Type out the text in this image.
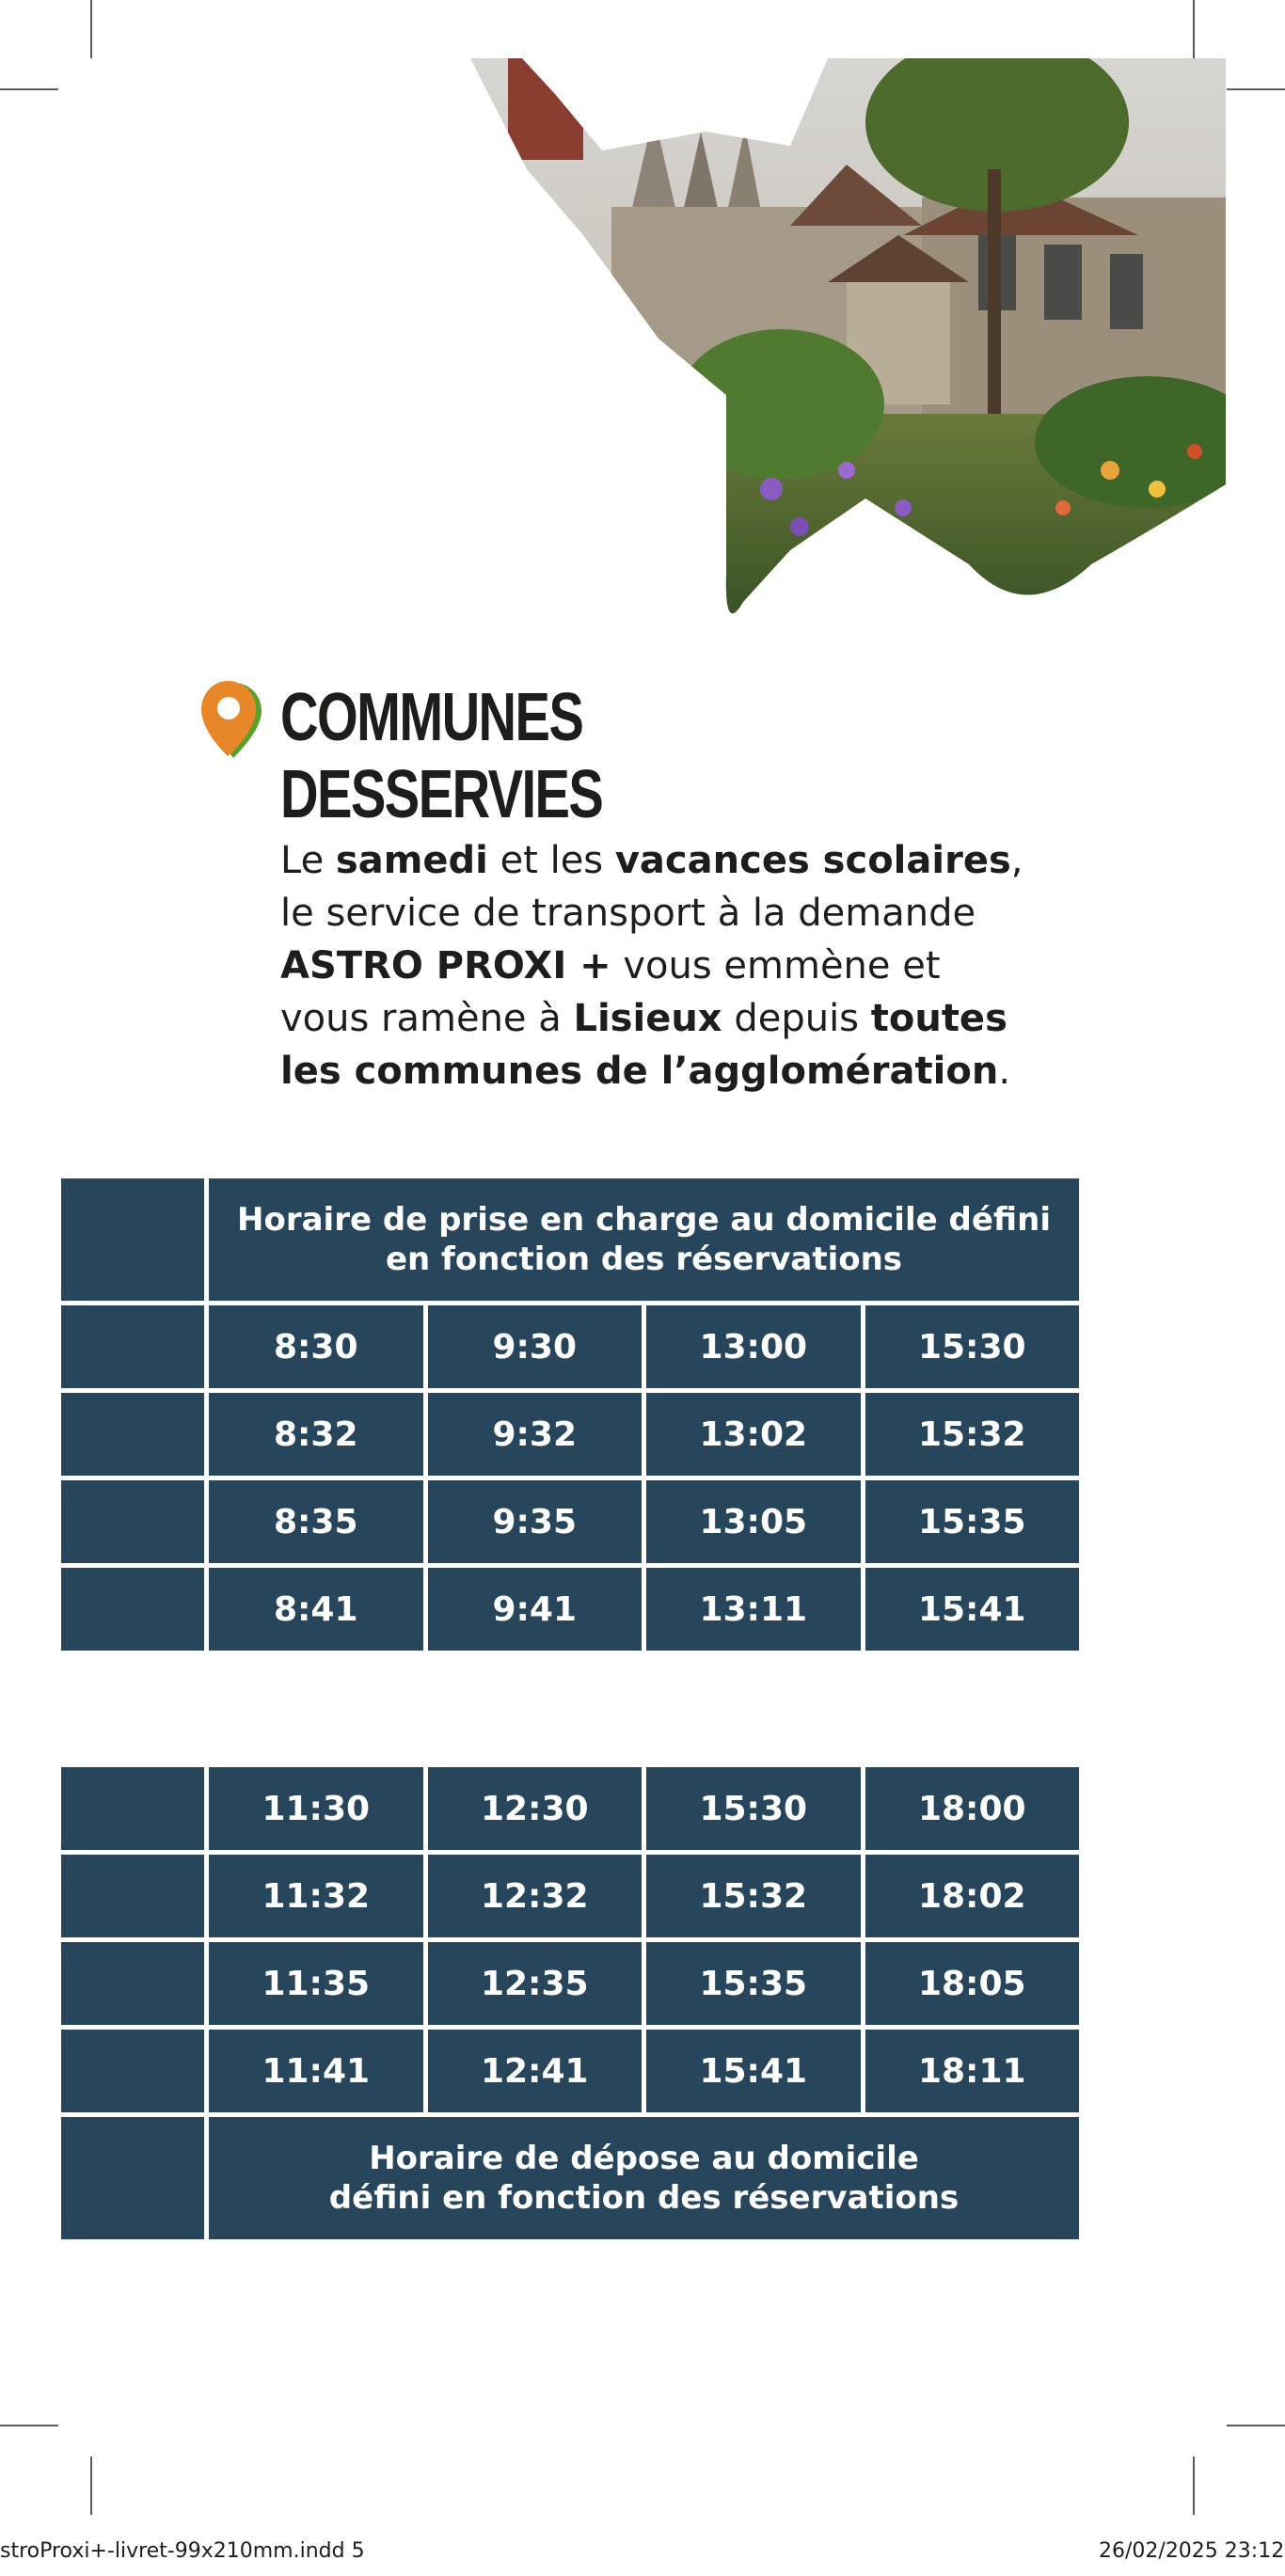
COMMUNES
DESSERVIES

Le samedi et les vacances scolaires,
le service de transport à la demande
ASTRO PROXI + vous emmène et
vous ramène à Lisieux depuis toutes
les communes de l’agglomération.

	Horaire de prise en charge au domicile défini
en fonction des réservations			
	8:30	9:30	13:00	15:30
	8:32	9:32	13:02	15:32
	8:35	9:35	13:05	15:35
	8:41	9:41	13:11	15:41
	11:30	12:30	15:30	18:00
	11:32	12:32	15:32	18:02
	11:35	12:35	15:35	18:05
	11:41	12:41	15:41	18:11
	Horaire de dépose au domicile
défini en fonction des réservations			
stroProxi+-livret-99x210mm.indd 5	26/02/2025 23:12
